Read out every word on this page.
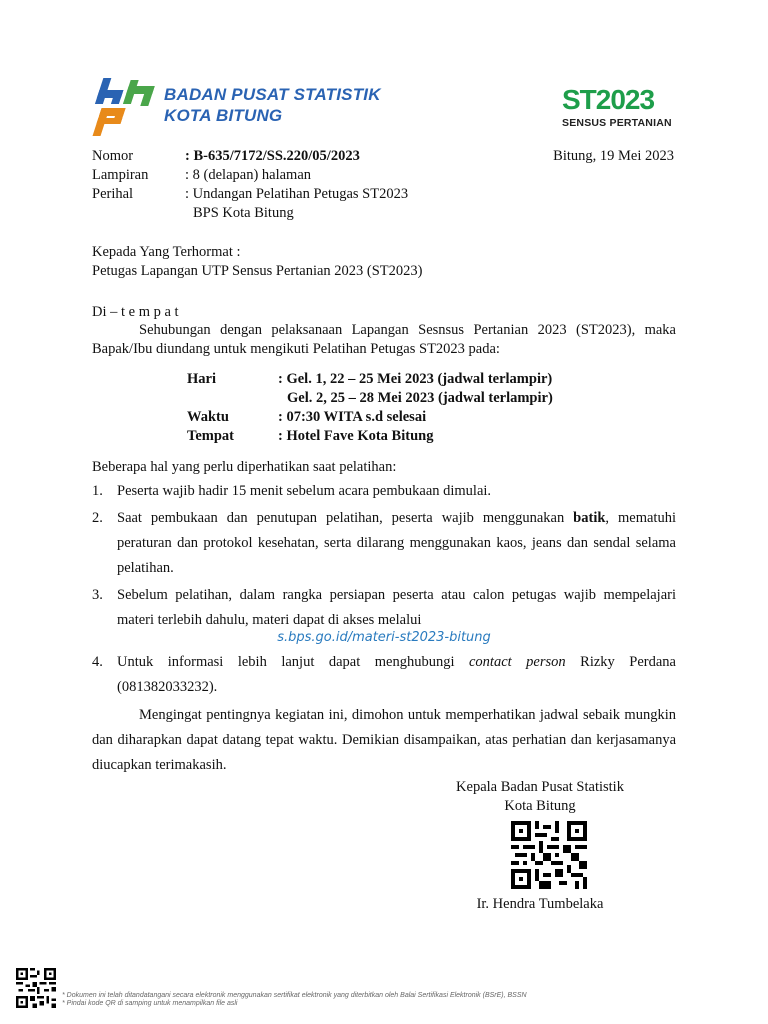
BADAN PUSAT STATISTIK
KOTA BITUNG
ST2023
SENSUS PERTANIAN
Nomor	: B-635/7172/SS.220/05/2023	Bitung, 19 Mei 2023
Lampiran	: 8 (delapan) halaman
Perihal	: Undangan Pelatihan Petugas ST2023
BPS Kota Bitung
Kepada Yang Terhormat :
Petugas Lapangan UTP Sensus Pertanian 2023 (ST2023)
Di – t e m p a t
Sehubungan dengan pelaksanaan Lapangan Sesnsus Pertanian 2023 (ST2023), maka Bapak/Ibu diundang untuk mengikuti Pelatihan Petugas ST2023 pada:
Hari	: Gel. 1, 22 – 25 Mei 2023 (jadwal terlampir)
Gel. 2, 25 – 28 Mei 2023 (jadwal terlampir)
Waktu	: 07:30 WITA s.d selesai
Tempat	: Hotel Fave Kota Bitung
Beberapa hal yang perlu diperhatikan saat pelatihan:
1. Peserta wajib hadir 15 menit sebelum acara pembukaan dimulai.
2. Saat pembukaan dan penutupan pelatihan, peserta wajib menggunakan batik, mematuhi peraturan dan protokol kesehatan, serta dilarang menggunakan kaos, jeans dan sendal selama pelatihan.
3. Sebelum pelatihan, dalam rangka persiapan peserta atau calon petugas wajib mempelajari materi terlebih dahulu, materi dapat di akses melalui
s.bps.go.id/materi-st2023-bitung
4. Untuk informasi lebih lanjut dapat menghubungi contact person Rizky Perdana (081382033232).
Mengingat pentingnya kegiatan ini, dimohon untuk memperhatikan jadwal sebaik mungkin dan diharapkan dapat datang tepat waktu. Demikian disampaikan, atas perhatian dan kerjasamanya diucapkan terimakasih.
Kepala Badan Pusat Statistik
Kota Bitung
Ir. Hendra Tumbelaka
* Dokumen ini telah ditandatangani secara elektronik menggunakan sertifikat elektronik yang diterbitkan oleh Balai Sertifikasi Elektronik (BSrE), BSSN
* Pindai kode QR di samping untuk menampilkan file asli
